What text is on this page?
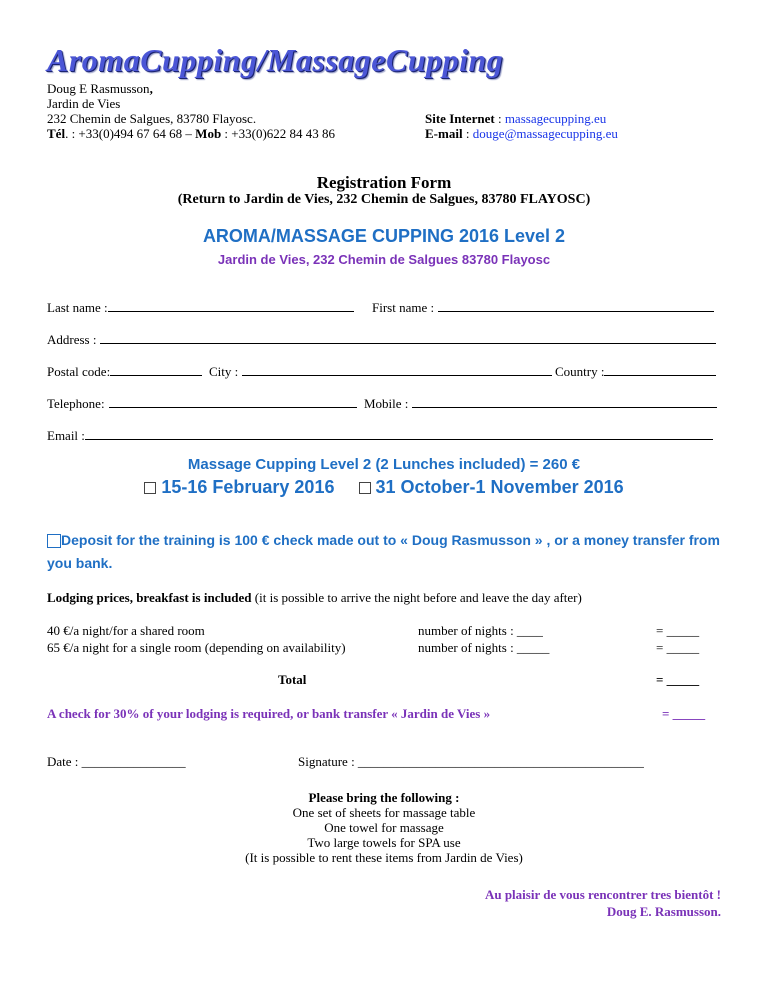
AromaCupping/MassageCupping
Doug E Rasmusson,
Jardin de Vies
232 Chemin de Salgues, 83780 Flayosc.
Tél. : +33(0)494 67 64 68 – Mob : +33(0)622 84 43 86
Site Internet : massagecupping.eu
E-mail : douge@massagecupping.eu
Registration Form
(Return to Jardin de Vies, 232 Chemin de Salgues, 83780 FLAYOSC)
AROMA/MASSAGE CUPPING 2016 Level 2
Jardin de Vies, 232 Chemin de Salgues 83780 Flayosc
Last name :	First name :
Address :
Postal code:	City :	Country :
Telephone:	Mobile :
Email :
Massage Cupping Level 2 (2 Lunches included) = 260 €
15-16 February 2016 31 October-1 November 2016
Deposit for the training is 100 € check made out to « Doug Rasmusson » , or a money transfer from you bank.
Lodging prices, breakfast is included (it is possible to arrive the night before and leave the day after)
40 €/a night/for a shared room	number of nights : ____	= _____
65 €/a night for a single room (depending on availability)	number of nights : _____	= _____
Total	= _____
A check for 30% of your lodging is required, or bank transfer « Jardin de Vies »	= _____
Date : ________________	Signature : ____________________________________________
Please bring the following :
One set of sheets for massage table
One towel for massage
Two large towels for SPA use
(It is possible to rent these items from Jardin de Vies)
Au plaisir de vous rencontrer tres bientôt !
Doug E. Rasmusson.
